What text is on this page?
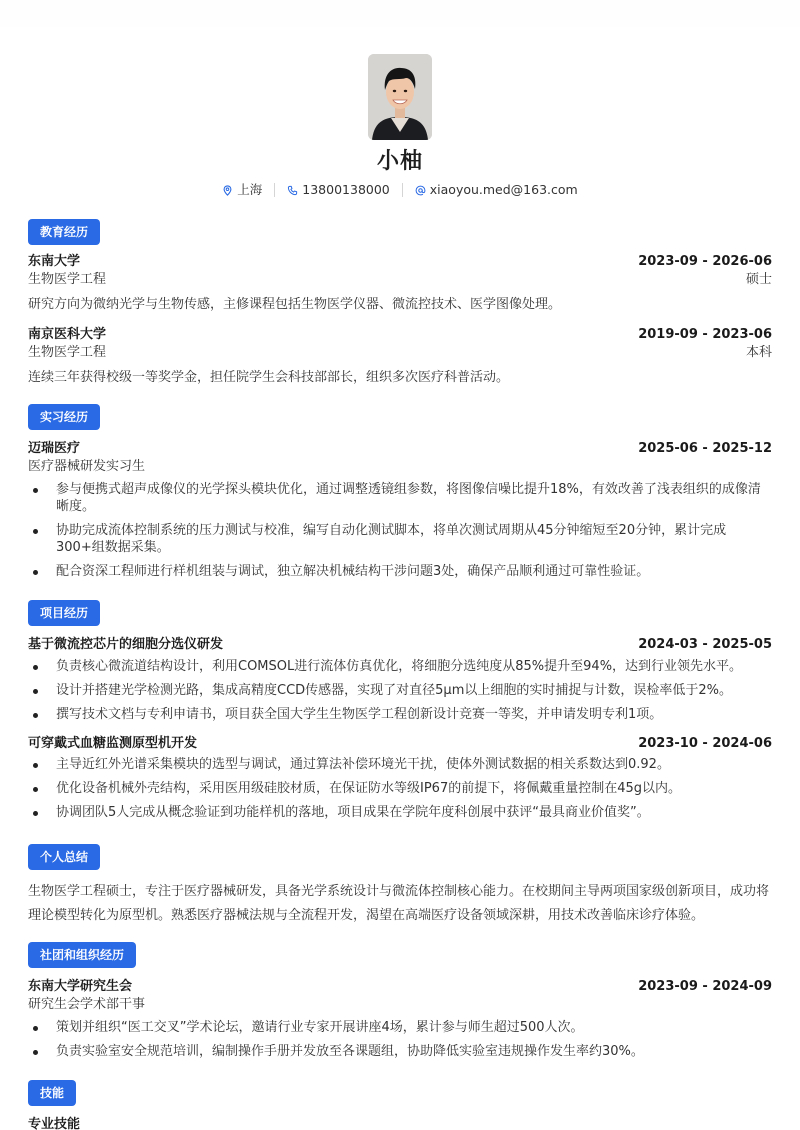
小柚
上海	13800138000	xiaoyou.med@163.com
教育经历
东南大学	2023-09 - 2026-06
生物医学工程	硕士
研究方向为微纳光学与生物传感，主修课程包括生物医学仪器、微流控技术、医学图像处理。
南京医科大学	2019-09 - 2023-06
生物医学工程	本科
连续三年获得校级一等奖学金，担任院学生会科技部部长，组织多次医疗科普活动。
实习经历
迈瑞医疗	2025-06 - 2025-12
医疗器械研发实习生
参与便携式超声成像仪的光学探头模块优化，通过调整透镜组参数，将图像信噪比提升18%，有效改善了浅表组织的成像清晰度。
协助完成流体控制系统的压力测试与校准，编写自动化测试脚本，将单次测试周期从45分钟缩短至20分钟，累计完成300+组数据采集。
配合资深工程师进行样机组装与调试，独立解决机械结构干涉问题3处，确保产品顺利通过可靠性验证。
项目经历
基于微流控芯片的细胞分选仪研发	2024-03 - 2025-05
负责核心微流道结构设计，利用COMSOL进行流体仿真优化，将细胞分选纯度从85%提升至94%，达到行业领先水平。
设计并搭建光学检测光路，集成高精度CCD传感器，实现了对直径5μm以上细胞的实时捕捉与计数，误检率低于2%。
撰写技术文档与专利申请书，项目获全国大学生生物医学工程创新设计竞赛一等奖，并申请发明专利1项。
可穿戴式血糖监测原型机开发	2023-10 - 2024-06
主导近红外光谱采集模块的选型与调试，通过算法补偿环境光干扰，使体外测试数据的相关系数达到0.92。
优化设备机械外壳结构，采用医用级硅胶材质，在保证防水等级IP67的前提下，将佩戴重量控制在45g以内。
协调团队5人完成从概念验证到功能样机的落地，项目成果在学院年度科创展中获评“最具商业价值奖”。
个人总结
生物医学工程硕士，专注于医疗器械研发，具备光学系统设计与微流体控制核心能力。在校期间主导两项国家级创新项目，成功将理论模型转化为原型机。熟悉医疗器械法规与全流程开发，渴望在高端医疗设备领域深耕，用技术改善临床诊疗体验。
社团和组织经历
东南大学研究生会	2023-09 - 2024-09
研究生会学术部干事
策划并组织“医工交叉”学术论坛，邀请行业专家开展讲座4场，累计参与师生超过500人次。
负责实验室安全规范培训，编制操作手册并发放至各课题组，协助降低实验室违规操作发生率约30%。
技能
专业技能
